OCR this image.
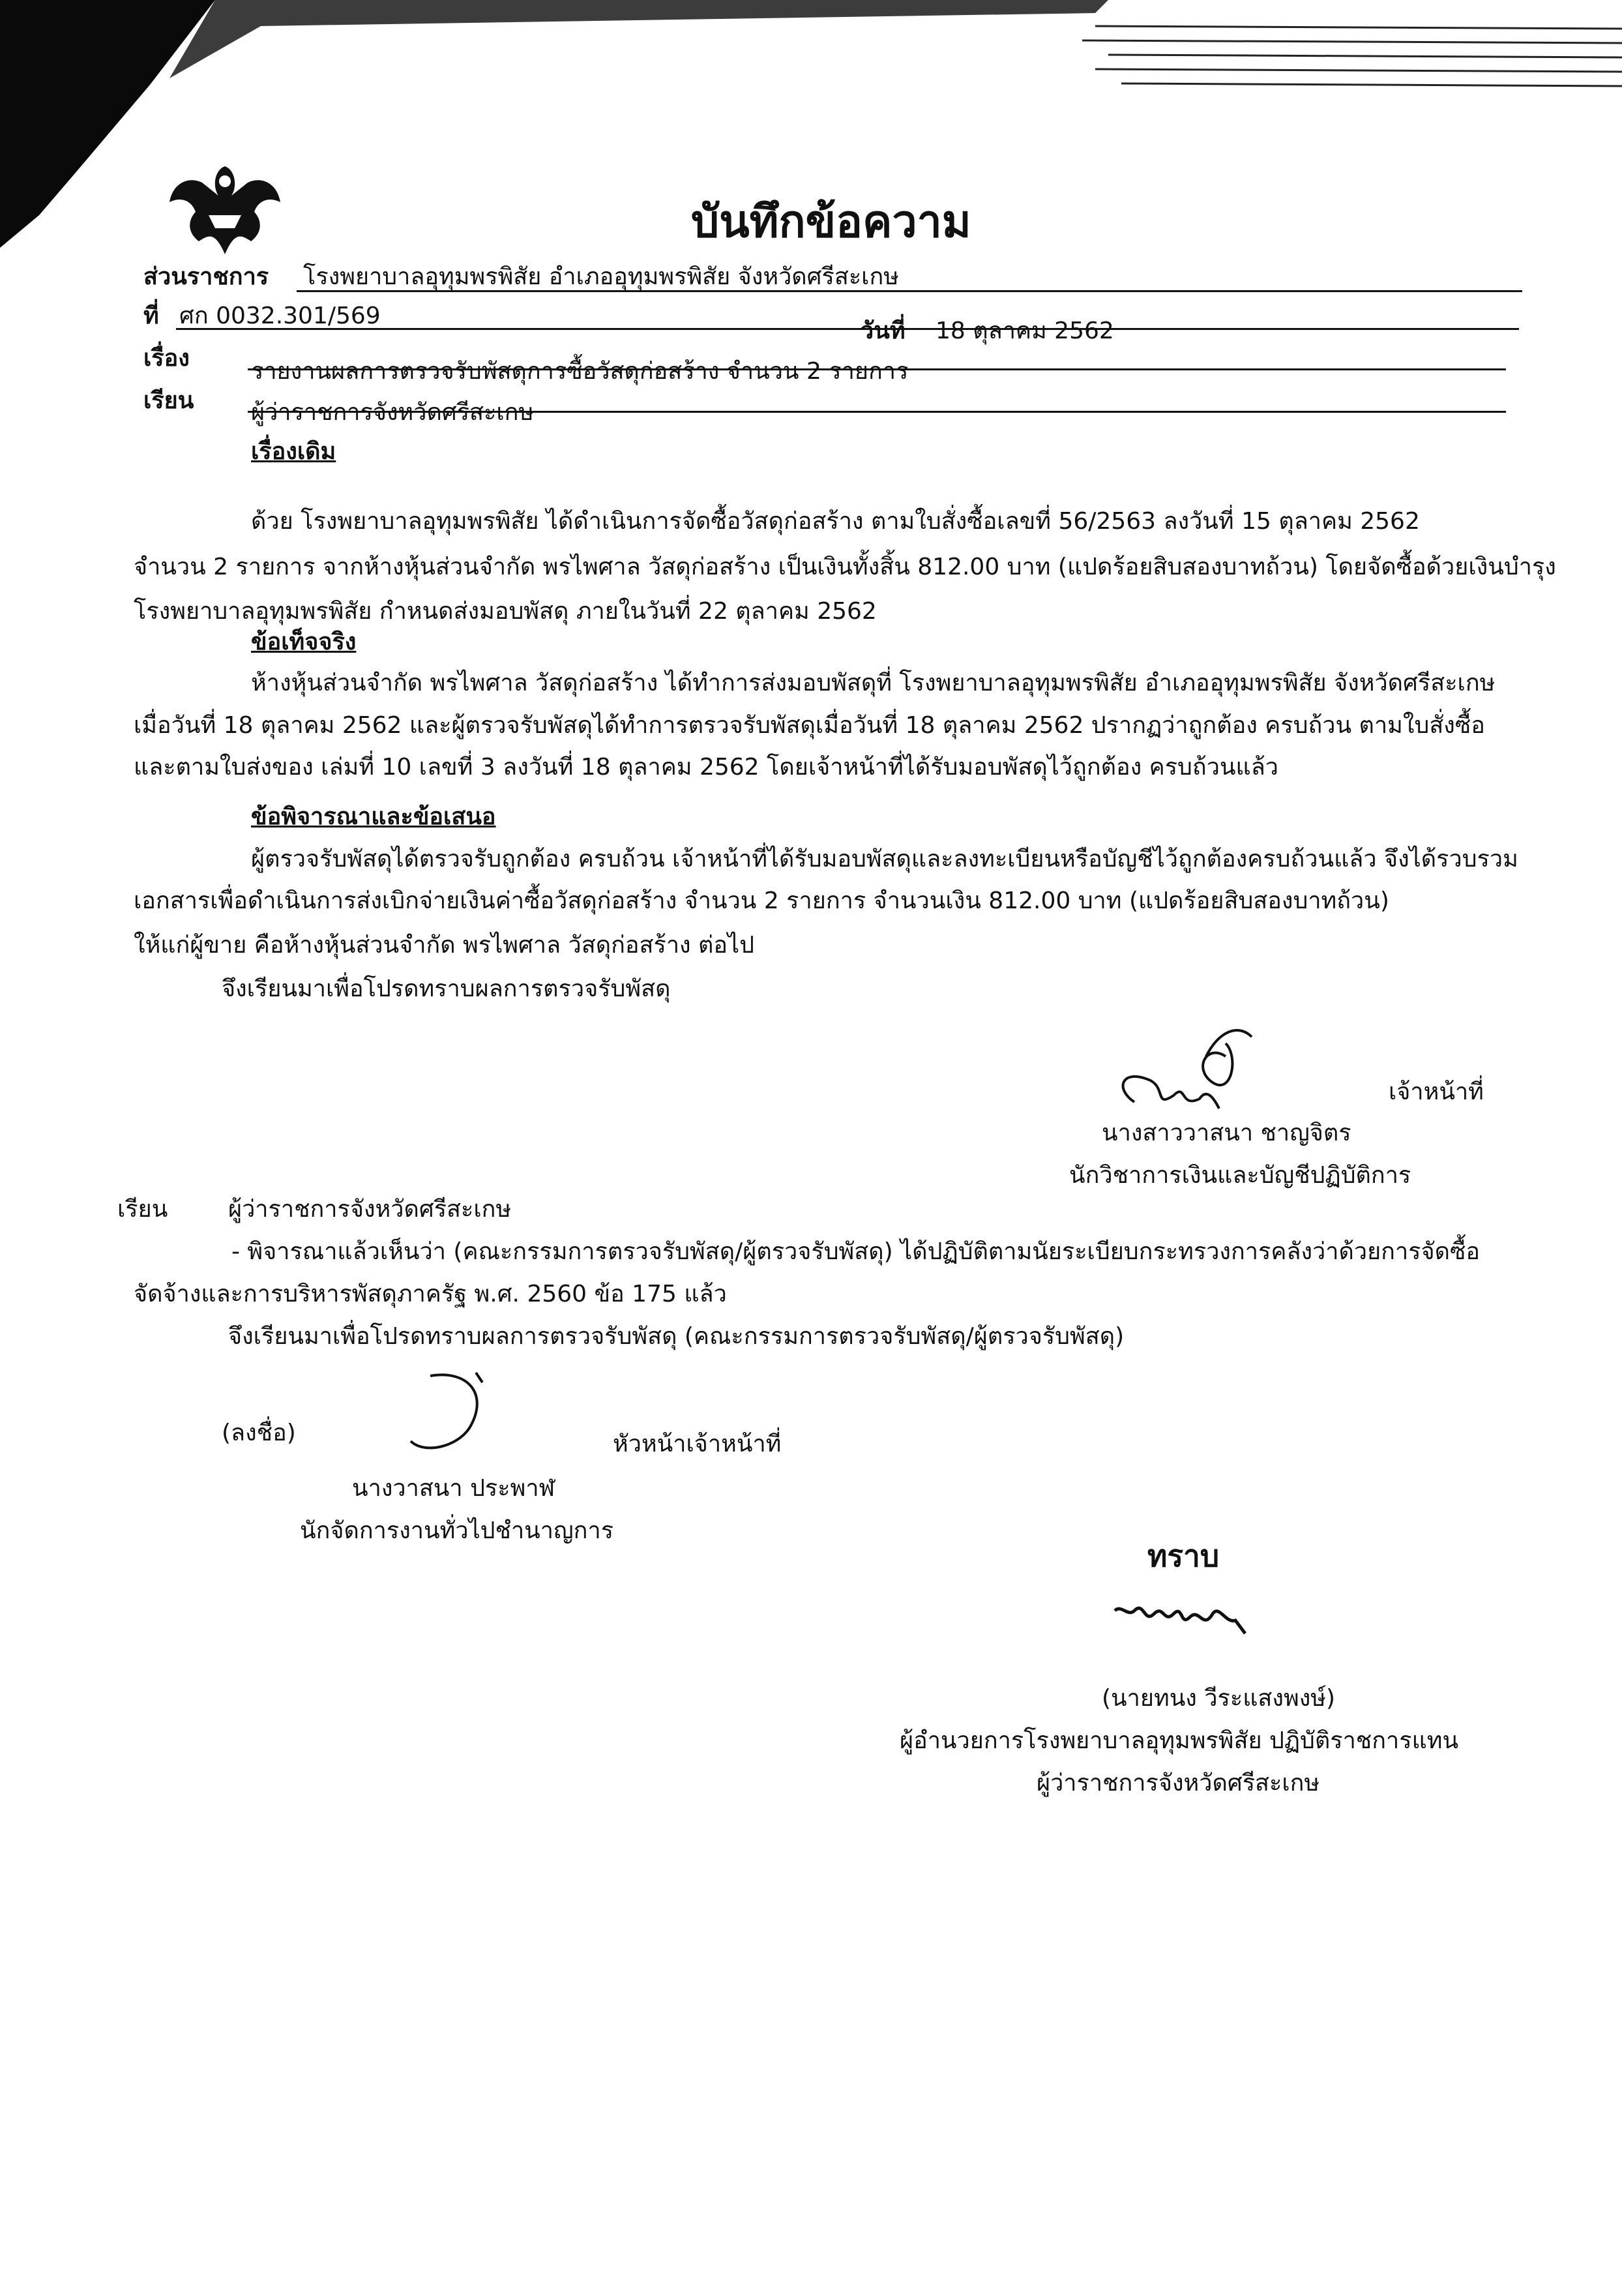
บันทึกข้อความ
ส่วนราชการ โรงพยาบาลอุทุมพรพิสัย อำเภออุทุมพรพิสัย จังหวัดศรีสะเกษ
ที่ ศก 0032.301/569
วันที่ 18 ตุลาคม 2562
เรื่อง	รายงานผลการตรวจรับพัสดุการซื้อวัสดุก่อสร้าง จำนวน 2 รายการ
เรียน ผู้ว่าราชการจังหวัดศรีสะเกษ
เรื่องเดิม
ด้วย โรงพยาบาลอุทุมพรพิสัย ได้ดำเนินการจัดซื้อวัสดุก่อสร้าง ตามใบสั่งซื้อเลขที่ 56/2563 ลงวันที่ 15 ตุลาคม 2562
จำนวน 2 รายการ จากห้างหุ้นส่วนจำกัด พรไพศาล วัสดุก่อสร้าง เป็นเงินทั้งสิ้น 812.00 บาท (แปดร้อยสิบสองบาทถ้วน) โดยจัดซื้อด้วยเงินบำรุง
โรงพยาบาลอุทุมพรพิสัย กำหนดส่งมอบพัสดุ ภายในวันที่ 22 ตุลาคม 2562
ข้อเท็จจริง
ห้างหุ้นส่วนจำกัด พรไพศาล วัสดุก่อสร้าง ได้ทำการส่งมอบพัสดุที่ โรงพยาบาลอุทุมพรพิสัย อำเภออุทุมพรพิสัย จังหวัดศรีสะเกษ
เมื่อวันที่ 18 ตุลาคม 2562 และผู้ตรวจรับพัสดุได้ทำการตรวจรับพัสดุเมื่อวันที่ 18 ตุลาคม 2562 ปรากฏว่าถูกต้อง ครบถ้วน ตามใบสั่งซื้อ
และตามใบส่งของ เล่มที่ 10 เลขที่ 3 ลงวันที่ 18 ตุลาคม 2562 โดยเจ้าหน้าที่ได้รับมอบพัสดุไว้ถูกต้อง ครบถ้วนแล้ว
ข้อพิจารณาและข้อเสนอ
ผู้ตรวจรับพัสดุได้ตรวจรับถูกต้อง ครบถ้วน เจ้าหน้าที่ได้รับมอบพัสดุและลงทะเบียนหรือบัญชีไว้ถูกต้องครบถ้วนแล้ว จึงได้รวบรวม
เอกสารเพื่อดำเนินการส่งเบิกจ่ายเงินค่าซื้อวัสดุก่อสร้าง จำนวน 2 รายการ จำนวนเงิน 812.00 บาท (แปดร้อยสิบสองบาทถ้วน)
ให้แก่ผู้ขาย คือห้างหุ้นส่วนจำกัด พรไพศาล วัสดุก่อสร้าง ต่อไป
จึงเรียนมาเพื่อโปรดทราบผลการตรวจรับพัสดุ
เจ้าหน้าที่
นางสาววาสนา ชาญจิตร
นักวิชาการเงินและบัญชีปฏิบัติการ
เรียน	ผู้ว่าราชการจังหวัดศรีสะเกษ
- พิจารณาแล้วเห็นว่า (คณะกรรมการตรวจรับพัสดุ/ผู้ตรวจรับพัสดุ) ได้ปฏิบัติตามนัยระเบียบกระทรวงการคลังว่าด้วยการจัดซื้อ
จัดจ้างและการบริหารพัสดุภาครัฐ พ.ศ. 2560 ข้อ 175 แล้ว
จึงเรียนมาเพื่อโปรดทราบผลการตรวจรับพัสดุ (คณะกรรมการตรวจรับพัสดุ/ผู้ตรวจรับพัสดุ)
(ลงชื่อ)	หัวหน้าเจ้าหน้าที่
นางวาสนา ประพาฬ
นักจัดการงานทั่วไปชำนาญการ
ทราบ
(นายทนง วีระแสงพงษ์)
ผู้อำนวยการโรงพยาบาลอุทุมพรพิสัย ปฏิบัติราชการแทน
ผู้ว่าราชการจังหวัดศรีสะเกษ
